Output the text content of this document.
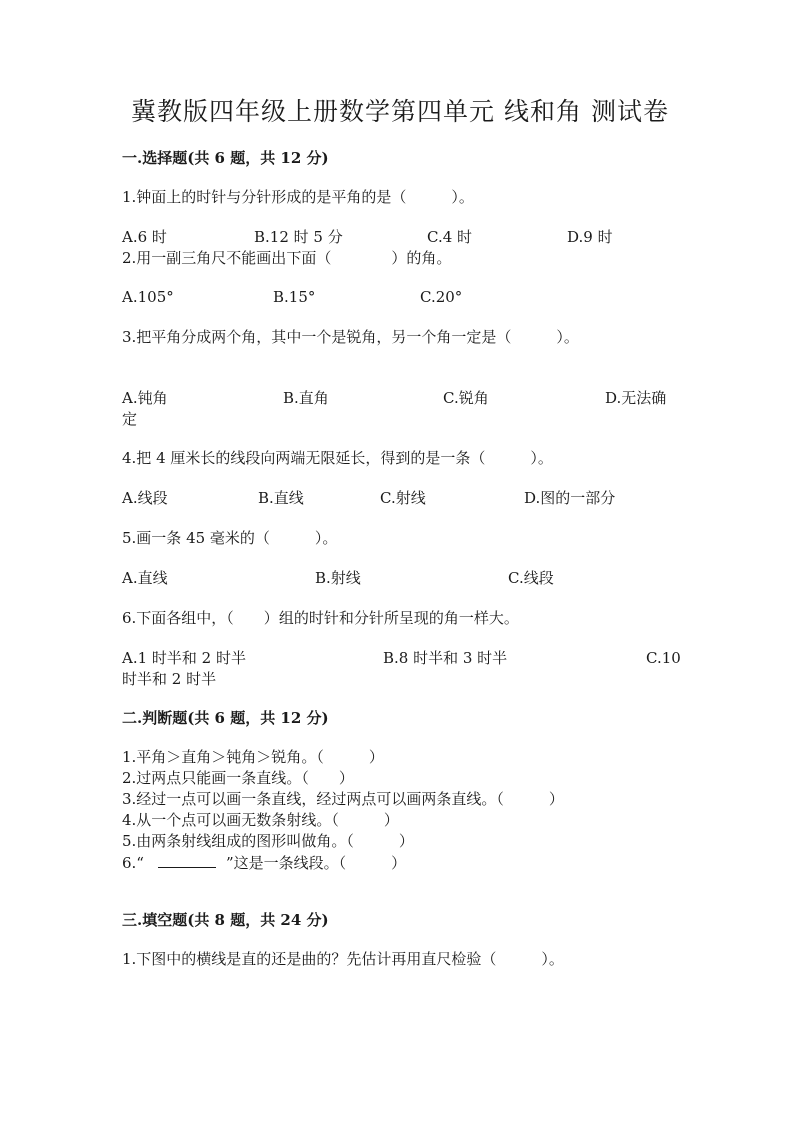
冀教版四年级上册数学第四单元 线和角 测试卷
一.选择题(共 6 题，共 12 分)
1.钟面上的时针与分针形成的是平角的是（　　　）。
A.6 时	B.12 时 5 分	C.4 时	D.9 时
2.用一副三角尺不能画出下面（　　　　）的角。
A.105°	B.15°	C.20°
3.把平角分成两个角，其中一个是锐角，另一个角一定是（　　　）。
A.钝角	B.直角	C.锐角	D.无法确
定
4.把 4 厘米长的线段向两端无限延长，得到的是一条（　　　）。
A.线段	B.直线	C.射线	D.图的一部分
5.画一条 45 毫米的（　　　）。
A.直线	B.射线	C.线段
6.下面各组中，（　　）组的时针和分针所呈现的角一样大。
A.1 时半和 2 时半	B.8 时半和 3 时半	C.10
时半和 2 时半
二.判断题(共 6 题，共 12 分)
1.平角＞直角＞钝角＞锐角。（　　　）
2.过两点只能画一条直线。（　　）
3.经过一点可以画一条直线，经过两点可以画两条直线。（　　　）
4.从一个点可以画无数条射线。（　　　）
5.由两条射线组成的图形叫做角。（　　　）
6.“	”这是一条线段。（　　　）
三.填空题(共 8 题，共 24 分)
1.下图中的横线是直的还是曲的？先估计再用直尺检验（　　　）。
